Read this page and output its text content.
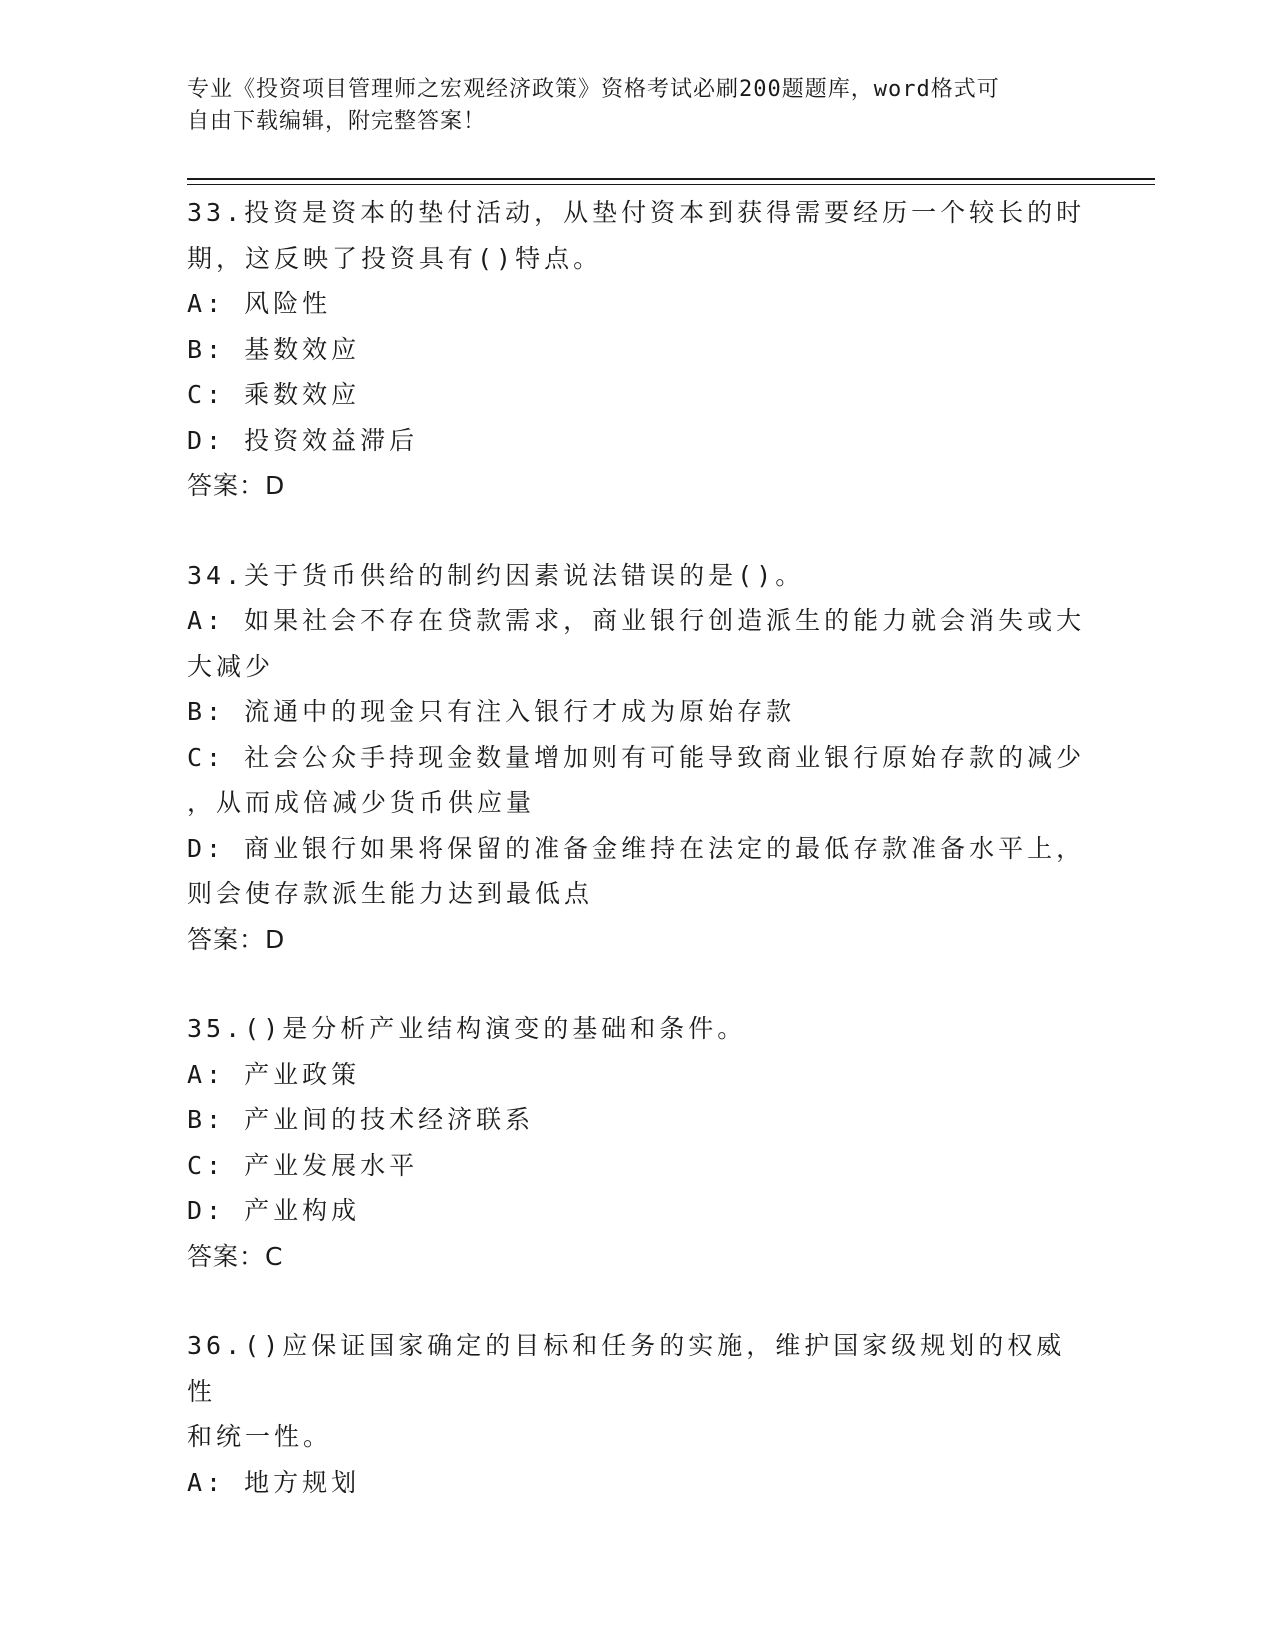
专业《投资项目管理师之宏观经济政策》资格考试必刷200题题库，word格式可
自由下载编辑，附完整答案！
33.投资是资本的垫付活动，从垫付资本到获得需要经历一个较长的时
期，这反映了投资具有()特点。
A: 风险性
B: 基数效应
C: 乘数效应
D: 投资效益滞后
答案：D
34.关于货币供给的制约因素说法错误的是()。
A: 如果社会不存在贷款需求，商业银行创造派生的能力就会消失或大
大减少
B: 流通中的现金只有注入银行才成为原始存款
C: 社会公众手持现金数量增加则有可能导致商业银行原始存款的减少
，从而成倍减少货币供应量
D: 商业银行如果将保留的准备金维持在法定的最低存款准备水平上，
则会使存款派生能力达到最低点
答案：D
35.()是分析产业结构演变的基础和条件。
A: 产业政策
B: 产业间的技术经济联系
C: 产业发展水平
D: 产业构成
答案：C
36.()应保证国家确定的目标和任务的实施，维护国家级规划的权威性
和统一性。
A: 地方规划
